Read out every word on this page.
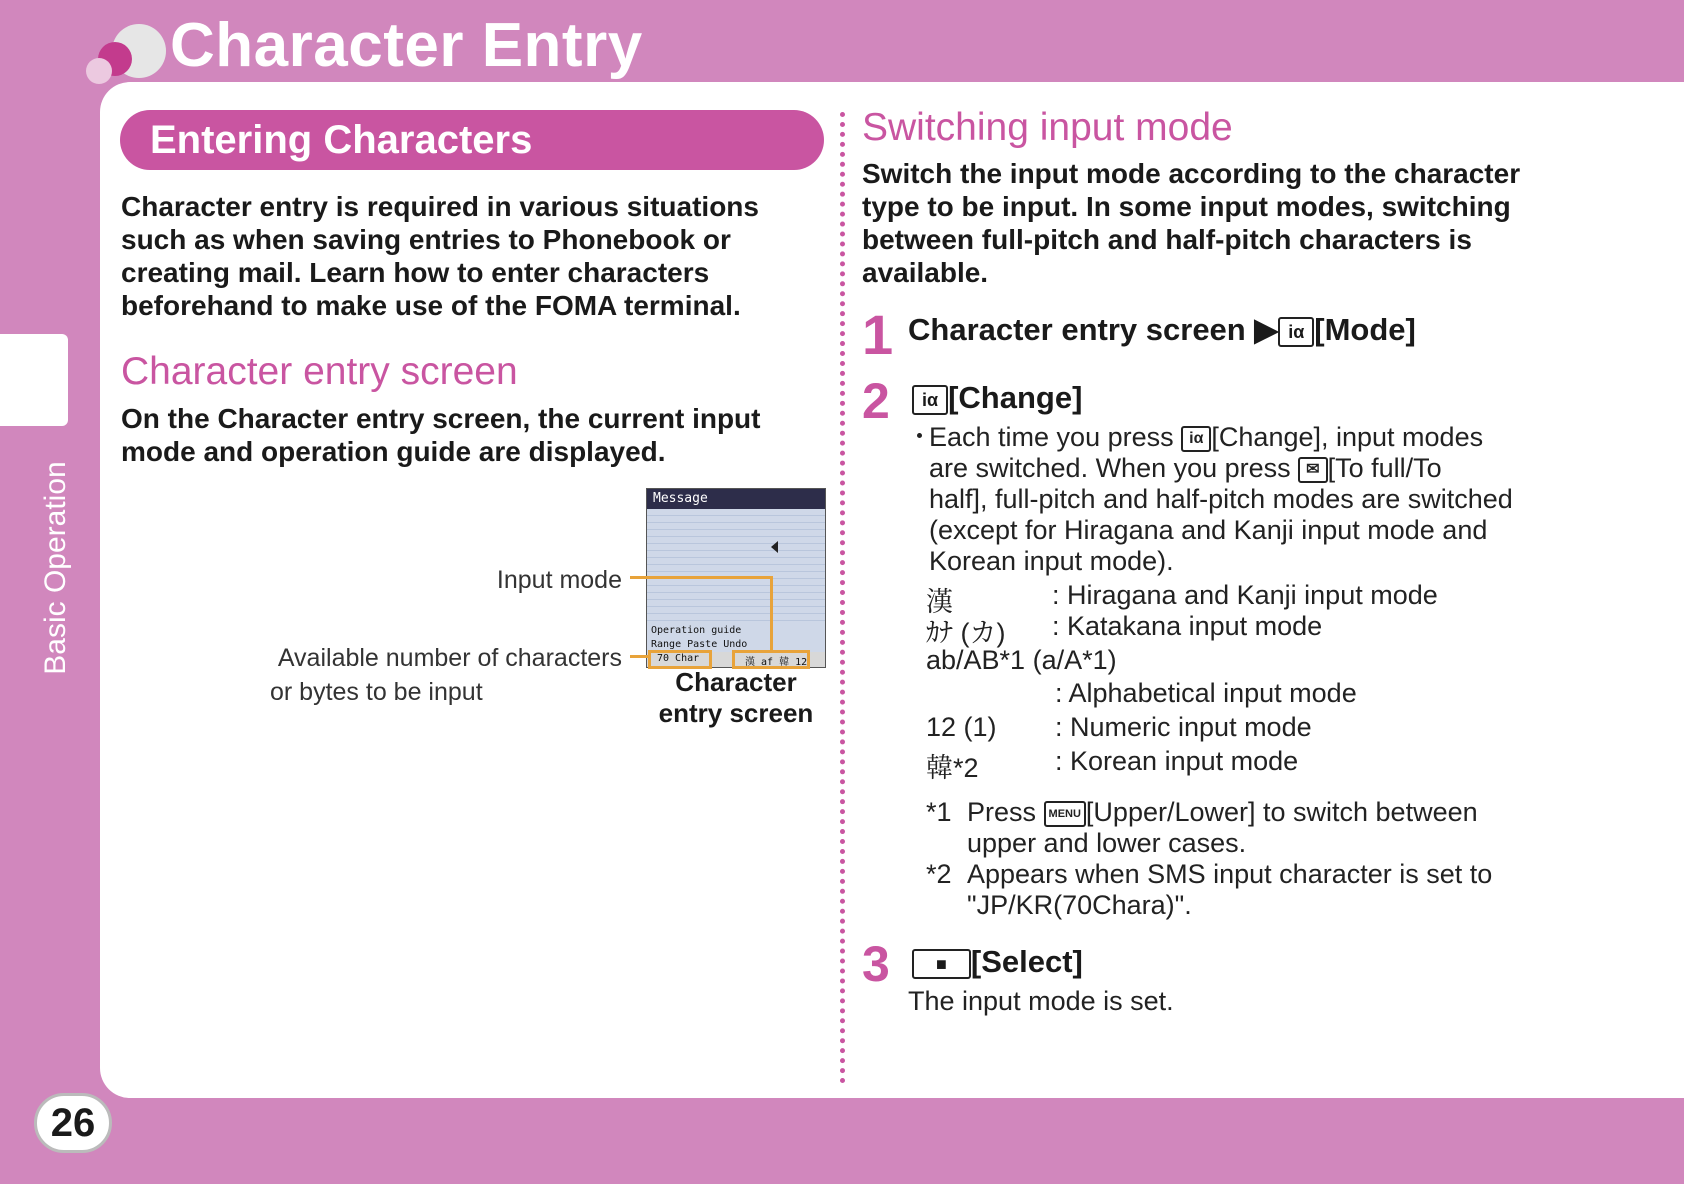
Character Entry
Basic Operation
Entering Characters
Character entry is required in various situations such as when saving entries to Phonebook or creating mail. Learn how to enter characters beforehand to make use of the FOMA terminal.
Character entry screen
On the Character entry screen, the current input mode and operation guide are displayed.
Input mode
Available number of characters
or bytes to be input
Message
Operation guide
Range Paste Undo
70 Char	漢 af 韓 12
Character
entry screen
Switching input mode
Switch the input mode according to the character type to be input. In some input modes, switching between full-pitch and half-pitch characters is available.
1 Character entry screen ▶ iα [Mode]
2	iα [Change]
・
Each time you press iα [Change], input modes
are switched. When you press ✉ [To full/To
half], full-pitch and half-pitch modes are switched
(except for Hiragana and Kanji input mode and
Korean input mode).
漢	: Hiragana and Kanji input mode
ｶﾅ (カ) : Katakana input mode
ab/AB*1 (a/A*1)
: Alphabetical input mode
12 (1) : Numeric input mode
韓*2	: Korean input mode
*1 Press MENU [Upper/Lower] to switch between
upper and lower cases.
*2 Appears when SMS input character is set to
"JP/KR(70Chara)".
3	■ [Select]
The input mode is set.
26
